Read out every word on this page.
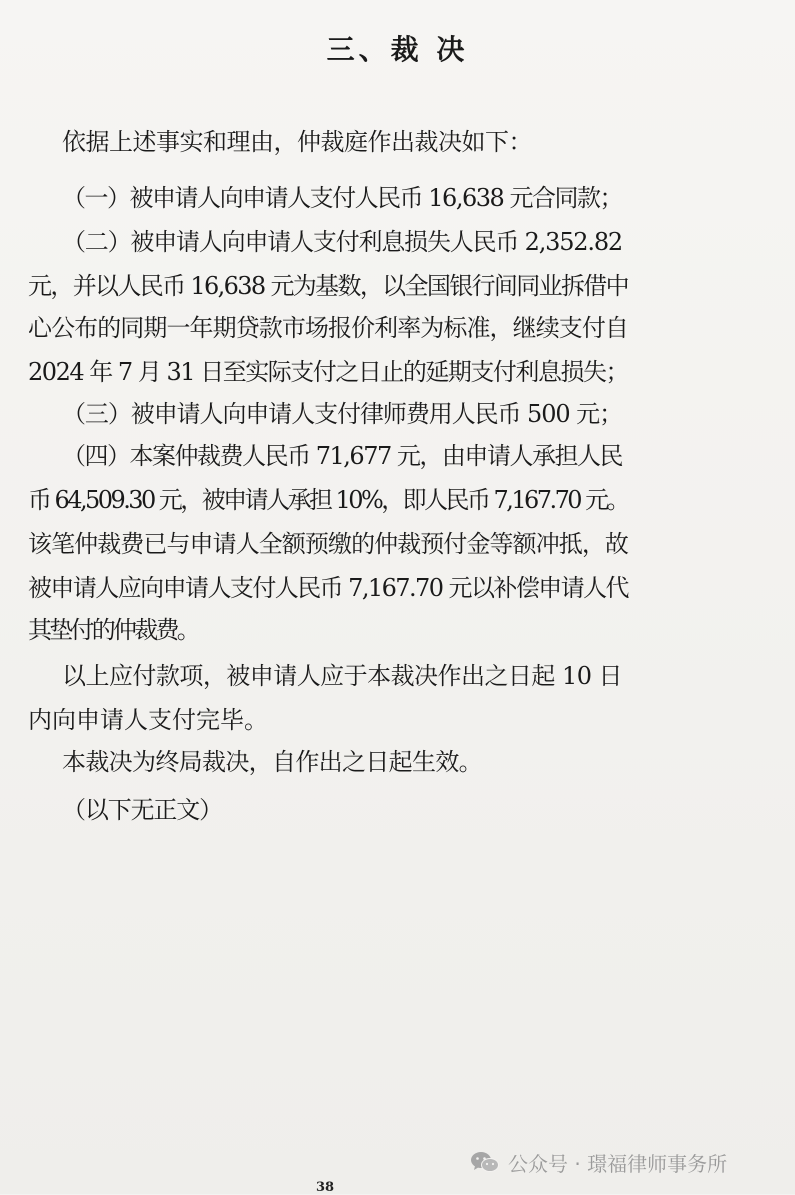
三、裁 决
依据上述事实和理由，仲裁庭作出裁决如下：
（一）被申请人向申请人支付人民币 16,638 元合同款；
（二）被申请人向申请人支付利息损失人民币 2,352.82
元，并以人民币 16,638 元为基数，以全国银行间同业拆借中
心公布的同期一年期贷款市场报价利率为标准，继续支付自
2024 年 7 月 31 日至实际支付之日止的延期支付利息损失；
（三）被申请人向申请人支付律师费用人民币 500 元；
（四）本案仲裁费人民币 71,677 元，由申请人承担人民
币 64,509.30 元，被申请人承担 10%，即人民币 7,167.70 元。
该笔仲裁费已与申请人全额预缴的仲裁预付金等额冲抵，故
被申请人应向申请人支付人民币 7,167.70 元以补偿申请人代
其垫付的仲裁费。
以上应付款项，被申请人应于本裁决作出之日起 10 日
内向申请人支付完毕。
本裁决为终局裁决，自作出之日起生效。
（以下无正文）
公众号 · 璟福律师事务所
38
